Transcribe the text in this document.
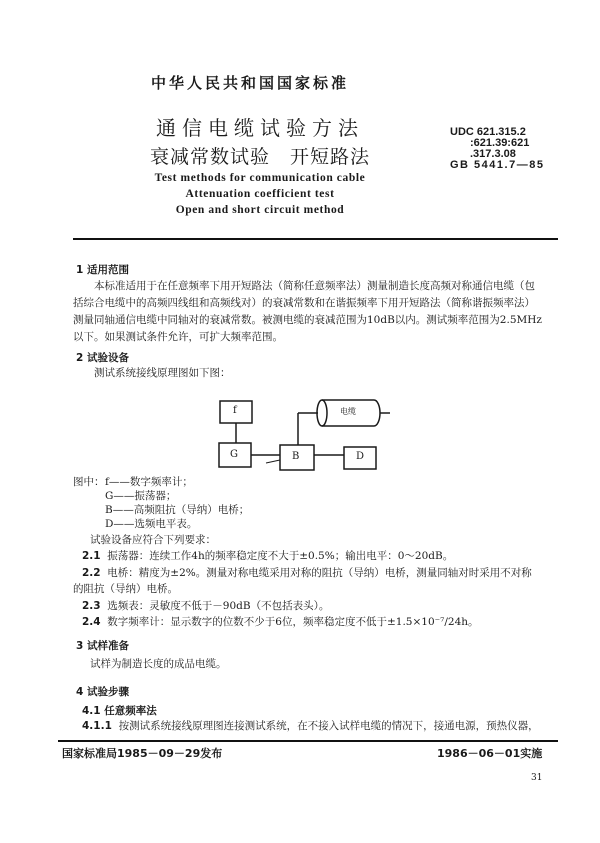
中华人民共和国国家标准
通信电缆试验方法
衰减常数试验　开短路法
Test methods for communication cable
Attenuation coefficient test
Open and short circuit method
UDC 621.315.2
:621.39:621
.317.3.08
GB 5441.7—85
1 适用范围
本标准适用于在任意频率下用开短路法（简称任意频率法）测量制造长度高频对称通信电缆（包
括综合电缆中的高频四线组和高频线对）的衰减常数和在谐振频率下用开短路法（简称谐振频率法）
测量同轴通信电缆中同轴对的衰减常数。被测电缆的衰减范围为10dB以内。测试频率范围为2.5MHz
以下。如果测试条件允许，可扩大频率范围。
2 试验设备
测试系统接线原理图如下图：
f
G	B	D
电缆
图中： f——数字频率计；
G——振荡器；
B——高频阻抗（导纳）电桥；
D——选频电平表。
试验设备应符合下列要求：
2.1 振荡器：连续工作4h的频率稳定度不大于±0.5%；输出电平：0～20dB。
2.2 电桥：精度为±2%。测量对称电缆采用对称的阻抗（导纳）电桥，测量同轴对时采用不对称
的阻抗（导纳）电桥。
2.3 选频表：灵敏度不低于－90dB（不包括表头）。
2.4 数字频率计：显示数字的位数不少于6位，频率稳定度不低于±1.5×10⁻⁷/24h。
3 试样准备
试样为制造长度的成品电缆。
4 试验步骤
4.1 任意频率法
4.1.1 按测试系统接线原理图连接测试系统，在不接入试样电缆的情况下，接通电源，预热仪器，
国家标准局1985－09－29发布	1986－06－01实施
31
